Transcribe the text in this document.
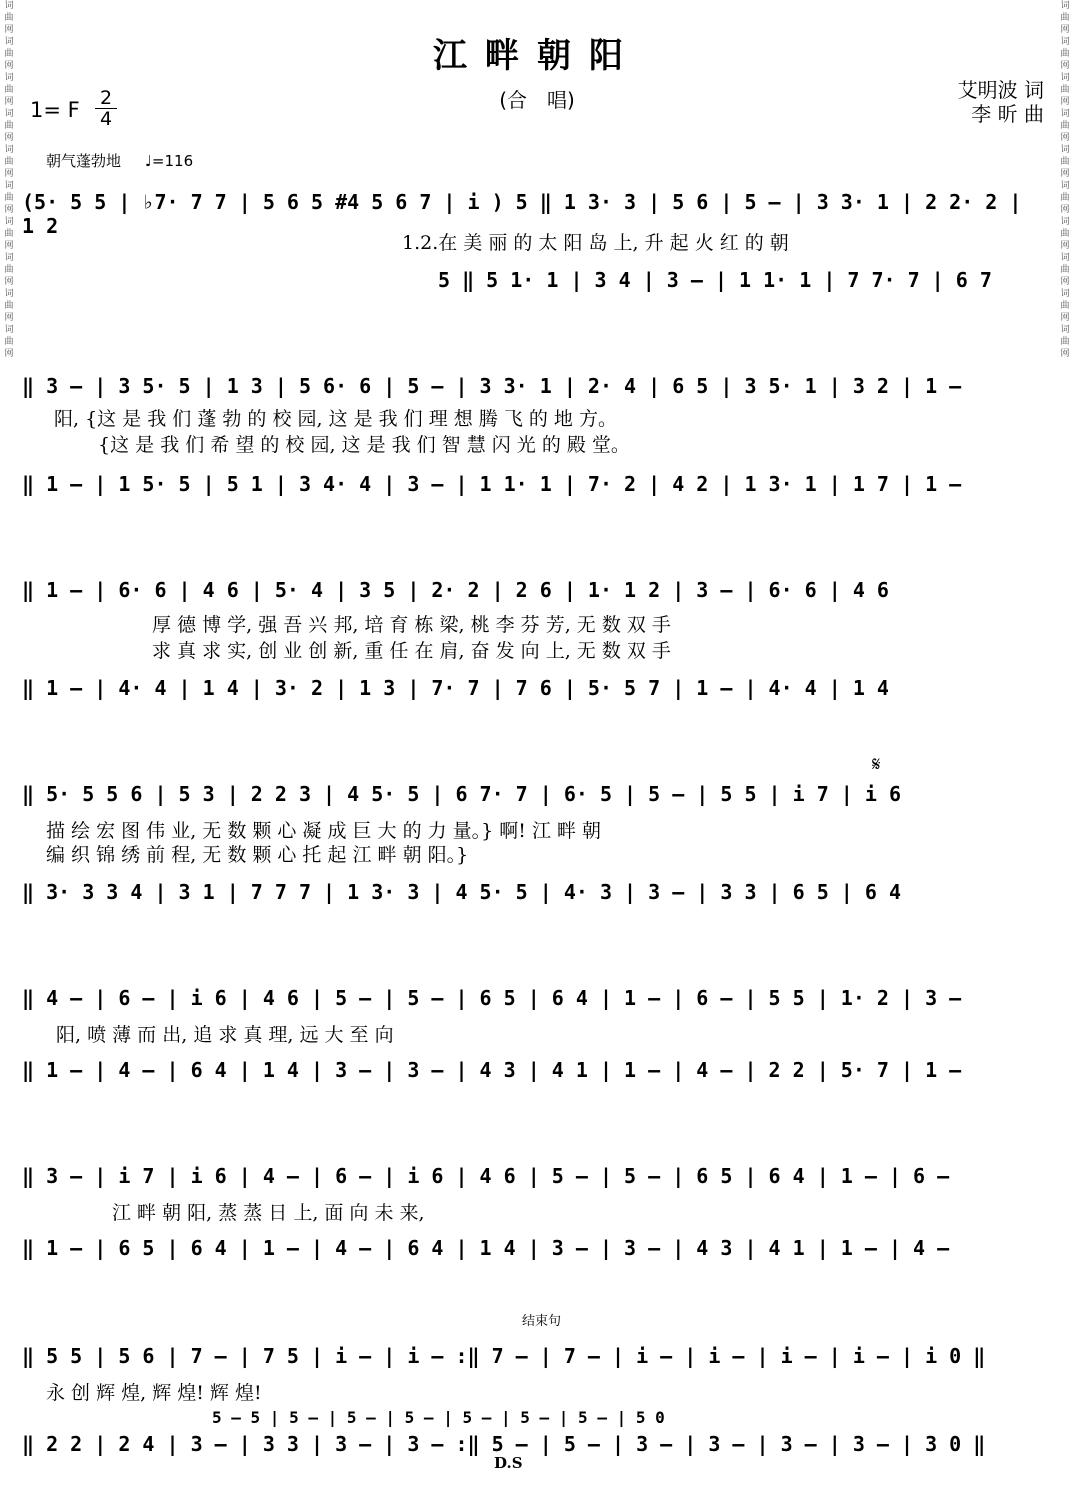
词曲网词曲网词曲网词曲网词曲网词曲网词曲网词曲网词曲网词曲网
词曲网词曲网词曲网词曲网词曲网词曲网词曲网词曲网词曲网词曲网
江畔朝阳
(合　唱)	艾明波 词
李 昕 曲
1= F 2
4
朝气蓬勃地 ♩=116
(5· 5 5 | ♭7· 7 7 | 5 6 5 #4 5 6 7 | i ) 5 ‖ 1 3· 3 | 5 6 | 5 – | 3 3· 1 | 2 2· 2 | 1 2
1.2.在 美 丽 的 太 阳 岛 上, 升 起 火 红 的 朝
5 ‖ 5 1· 1 | 3 4 | 3 – | 1 1· 1 | 7 7· 7 | 6 7
‖ 3 – | 3 5· 5 | 1 3 | 5 6· 6 | 5 – | 3 3· 1 | 2· 4 | 6 5 | 3 5· 1 | 3 2 | 1 –
阳, {这 是 我 们 蓬 勃 的 校 园, 这 是 我 们 理 想 腾 飞 的 地 方。
　　 {这 是 我 们 希 望 的 校 园, 这 是 我 们 智 慧 闪 光 的 殿 堂。
‖ 1 – | 1 5· 5 | 5 1 | 3 4· 4 | 3 – | 1 1· 1 | 7· 2 | 4 2 | 1 3· 1 | 1 7 | 1 –
‖ 1 – | 6· 6 | 4 6 | 5· 4 | 3 5 | 2· 2 | 2 6 | 1· 1 2 | 3 – | 6· 6 | 4 6
厚 德 博 学, 强 吾 兴 邦, 培 育 栋 梁, 桃 李 芬 芳, 无 数 双 手
求 真 求 实, 创 业 创 新, 重 任 在 肩, 奋 发 向 上, 无 数 双 手
‖ 1 – | 4· 4 | 1 4 | 3· 2 | 1 3 | 7· 7 | 7 6 | 5· 5 7 | 1 – | 4· 4 | 1 4
𝄋
‖ 5· 5 5 6 | 5 3 | 2 2 3 | 4 5· 5 | 6 7· 7 | 6· 5 | 5 – | 5 5 | i 7 | i 6
描 绘 宏 图 伟 业, 无 数 颗 心 凝 成 巨 大 的 力 量。} 啊! 江 畔 朝
编 织 锦 绣 前 程, 无 数 颗 心 托 起 江 畔 朝 阳。}
‖ 3· 3 3 4 | 3 1 | 7 7 7 | 1 3· 3 | 4 5· 5 | 4· 3 | 3 – | 3 3 | 6 5 | 6 4
‖ 4 – | 6 – | i 6 | 4 6 | 5 – | 5 – | 6 5 | 6 4 | 1 – | 6 – | 5 5 | 1· 2 | 3 –
阳, 喷 薄 而 出, 追 求 真 理, 远 大 至 向
‖ 1 – | 4 – | 6 4 | 1 4 | 3 – | 3 – | 4 3 | 4 1 | 1 – | 4 – | 2 2 | 5· 7 | 1 –
‖ 3 – | i 7 | i 6 | 4 – | 6 – | i 6 | 4 6 | 5 – | 5 – | 6 5 | 6 4 | 1 – | 6 –
江 畔 朝 阳, 蒸 蒸 日 上, 面 向 未 来,
‖ 1 – | 6 5 | 6 4 | 1 – | 4 – | 6 4 | 1 4 | 3 – | 3 – | 4 3 | 4 1 | 1 – | 4 –
结束句
‖ 5 5 | 5 6 | 7 – | 7 5 | i – | i – :‖ 7 – | 7 – | i – | i – | i – | i – | i 0 ‖
永 创 辉 煌, 辉 煌! 辉 煌!
5 – 5 | 5 – | 5 – | 5 – | 5 – | 5 – | 5 – | 5 0
‖ 2 2 | 2 4 | 3 – | 3 3 | 3 – | 3 – :‖ 5 – | 5 – | 3 – | 3 – | 3 – | 3 – | 3 0 ‖
D.S
